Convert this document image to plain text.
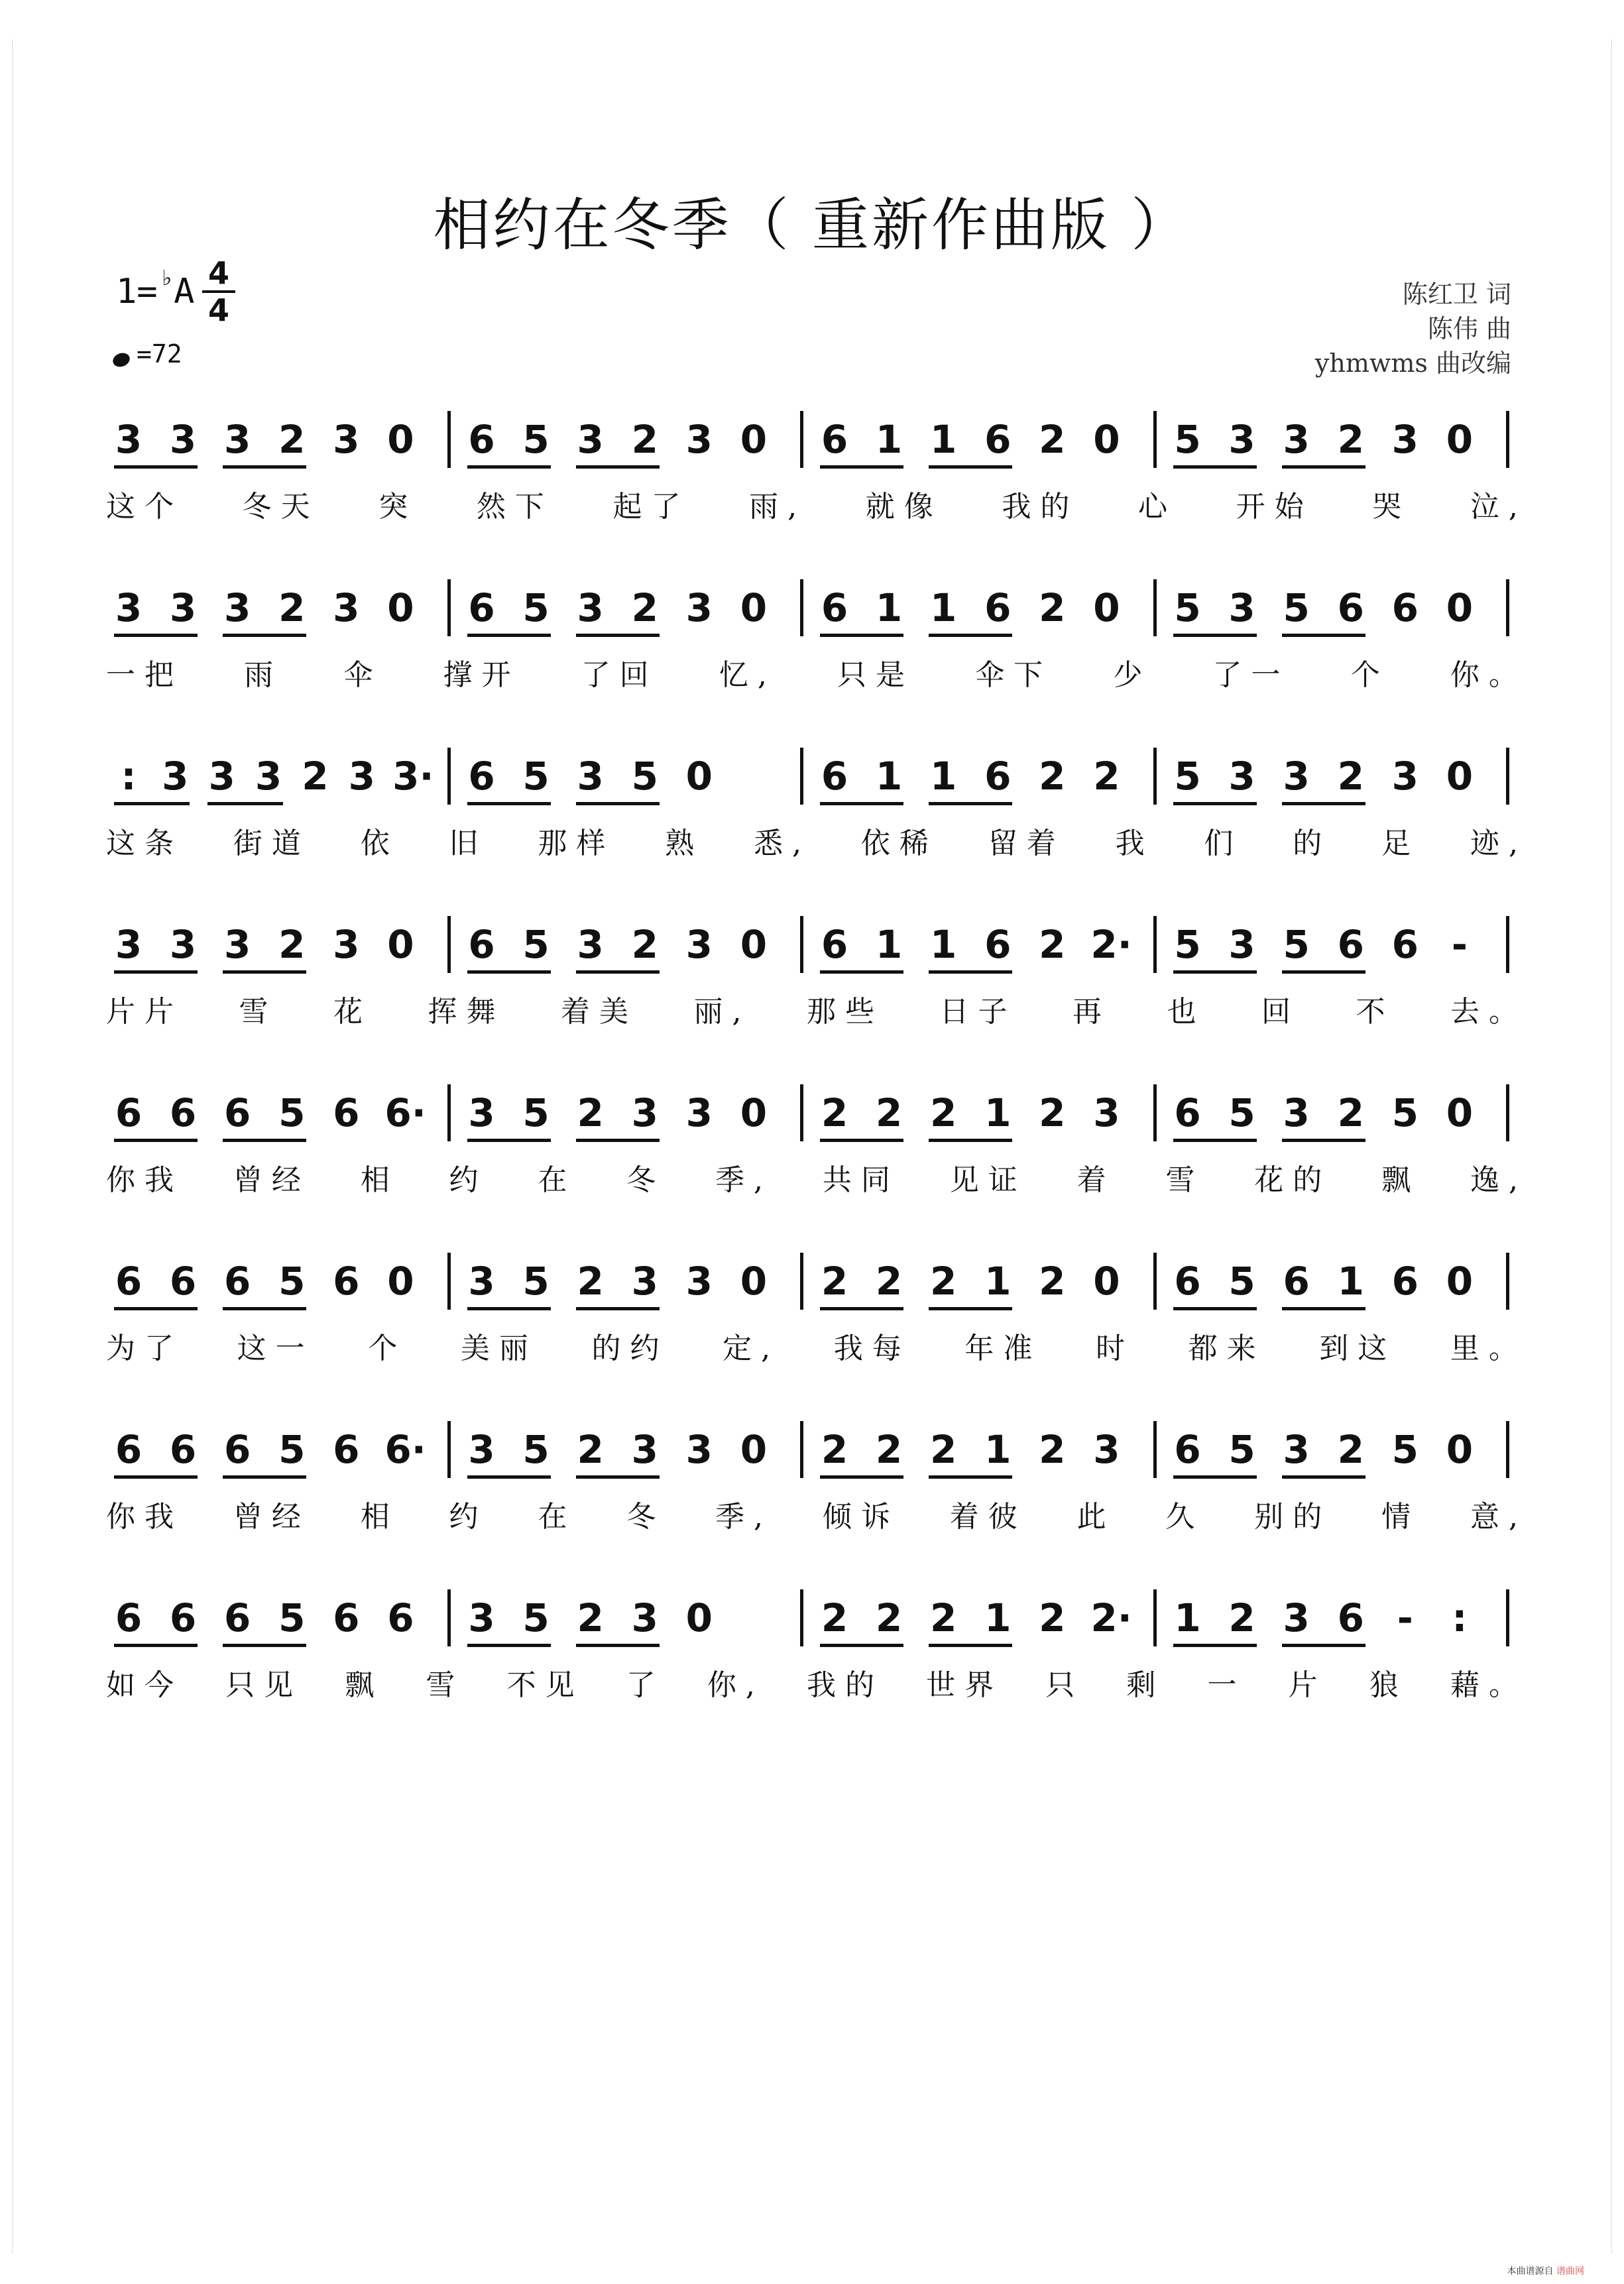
相约在冬季（ 重新作曲版 ）
1= ♭A 4
4
=72
陈红卫 词
陈伟 曲
yhmwms 曲改编
3 3 3 2 3 0 6 5 3 2 3 0 6 1 1 6 2 0 5 3 3 2 3 0
这 个 冬 天 突 然 下 起 了 雨 , 就 像 我 的 心 开 始 哭 泣 ,
3 3 3 2 3 0 6 5 3 2 3 0 6 1 1 6 2 0 5 3 5 6 6 0
一 把 雨 伞 撑 开 了 回 忆 , 只 是 伞 下 少 了 一 个 你 。
: 3 3 3 2 3 3· 6 5 3 5 0	6 1 1 6 2 2 5 3 3 2 3 0
这 条 街 道 依 旧 那 样 熟 悉 , 依 稀 留 着 我 们 的 足 迹 ,
3 3 3 2 3 0 6 5 3 2 3 0 6 1 1 6 2 2· 5 3 5 6 6 -
片 片 雪 花 挥 舞 着 美 丽 , 那 些 日 子 再 也 回 不 去 。
6 6 6 5 6 6· 3 5 2 3 3 0 2 2 2 1 2 3 6 5 3 2 5 0
你 我 曾 经 相 约 在 冬 季 , 共 同 见 证 着 雪 花 的 飘 逸 ,
6 6 6 5 6 0 3 5 2 3 3 0 2 2 2 1 2 0 6 5 6 1 6 0
为 了 这 一 个 美 丽 的 约 定 , 我 每 年 准 时 都 来 到 这 里 。
6 6 6 5 6 6· 3 5 2 3 3 0 2 2 2 1 2 3 6 5 3 2 5 0
你 我 曾 经 相 约 在 冬 季 , 倾 诉 着 彼 此 久 别 的 情 意 ,
6 6 6 5 6 6 3 5 2 3 0	2 2 2 1 2 2· 1 2 3 6 - :
如 今 只 见 飘 雪 不 见 了 你 , 我 的 世 界 只 剩 一 片 狼 藉 。
本曲谱源自 谱曲网
